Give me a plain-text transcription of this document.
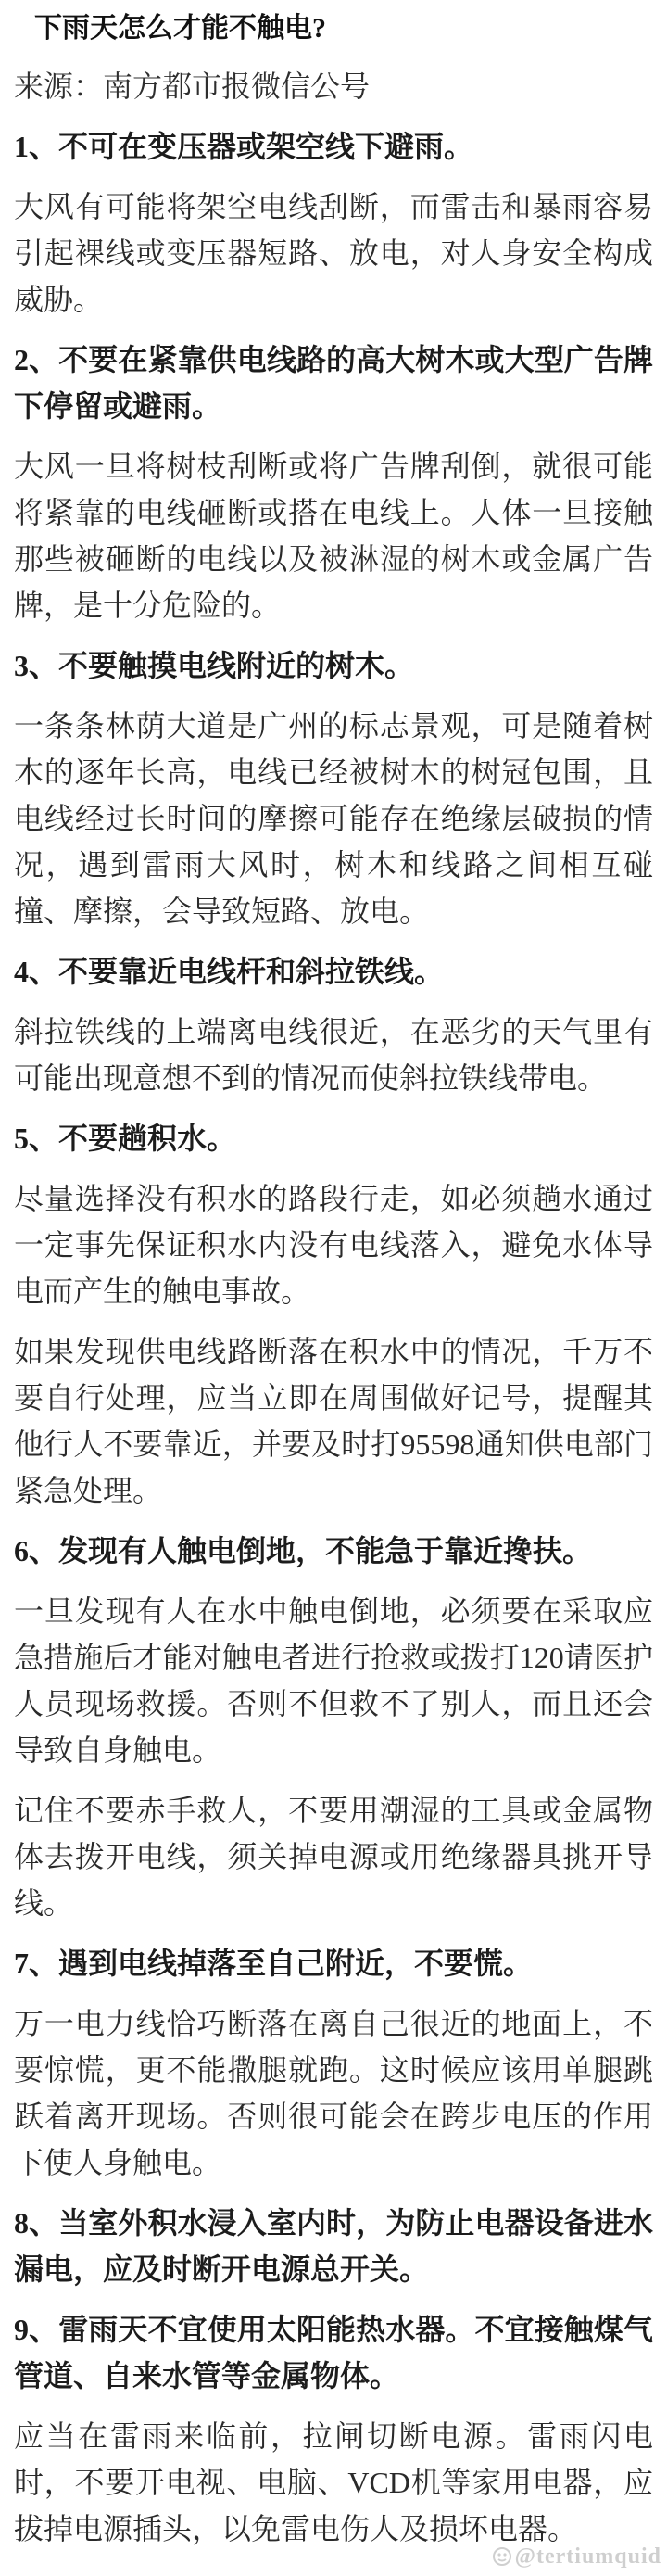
下雨天怎么才能不触电?

来源：南方都市报微信公号

1、不可在变压器或架空线下避雨。
大风有可能将架空电线刮断，而雷击和暴雨容易引起裸线或变压器短路、放电，对人身安全构成威胁。
2、不要在紧靠供电线路的高大树木或大型广告牌下停留或避雨。
大风一旦将树枝刮断或将广告牌刮倒，就很可能将紧靠的电线砸断或搭在电线上。人体一旦接触那些被砸断的电线以及被淋湿的树木或金属广告牌，是十分危险的。
3、不要触摸电线附近的树木。
一条条林荫大道是广州的标志景观，可是随着树木的逐年长高，电线已经被树木的树冠包围，且电线经过长时间的摩擦可能存在绝缘层破损的情况，遇到雷雨大风时，树木和线路之间相互碰撞、摩擦，会导致短路、放电。
4、不要靠近电线杆和斜拉铁线。
斜拉铁线的上端离电线很近，在恶劣的天气里有可能出现意想不到的情况而使斜拉铁线带电。
5、不要趟积水。
尽量选择没有积水的路段行走，如必须趟水通过一定事先保证积水内没有电线落入，避免水体导电而产生的触电事故。
如果发现供电线路断落在积水中的情况，千万不要自行处理，应当立即在周围做好记号，提醒其他行人不要靠近，并要及时打95598通知供电部门紧急处理。
6、发现有人触电倒地，不能急于靠近搀扶。
一旦发现有人在水中触电倒地，必须要在采取应急措施后才能对触电者进行抢救或拨打120请医护人员现场救援。否则不但救不了别人，而且还会导致自身触电。
记住不要赤手救人，不要用潮湿的工具或金属物体去拨开电线，须关掉电源或用绝缘器具挑开导线。
7、遇到电线掉落至自己附近，不要慌。
万一电力线恰巧断落在离自己很近的地面上，不要惊慌，更不能撒腿就跑。这时候应该用单腿跳跃着离开现场。否则很可能会在跨步电压的作用下使人身触电。
8、当室外积水浸入室内时，为防止电器设备进水漏电，应及时断开电源总开关。
9、雷雨天不宜使用太阳能热水器。不宜接触煤气管道、自来水管等金属物体。
应当在雷雨来临前，拉闸切断电源。雷雨闪电时，不要开电视、电脑、VCD机等家用电器，应拔掉电源插头，以免雷电伤人及损坏电器。
@tertiumquid
